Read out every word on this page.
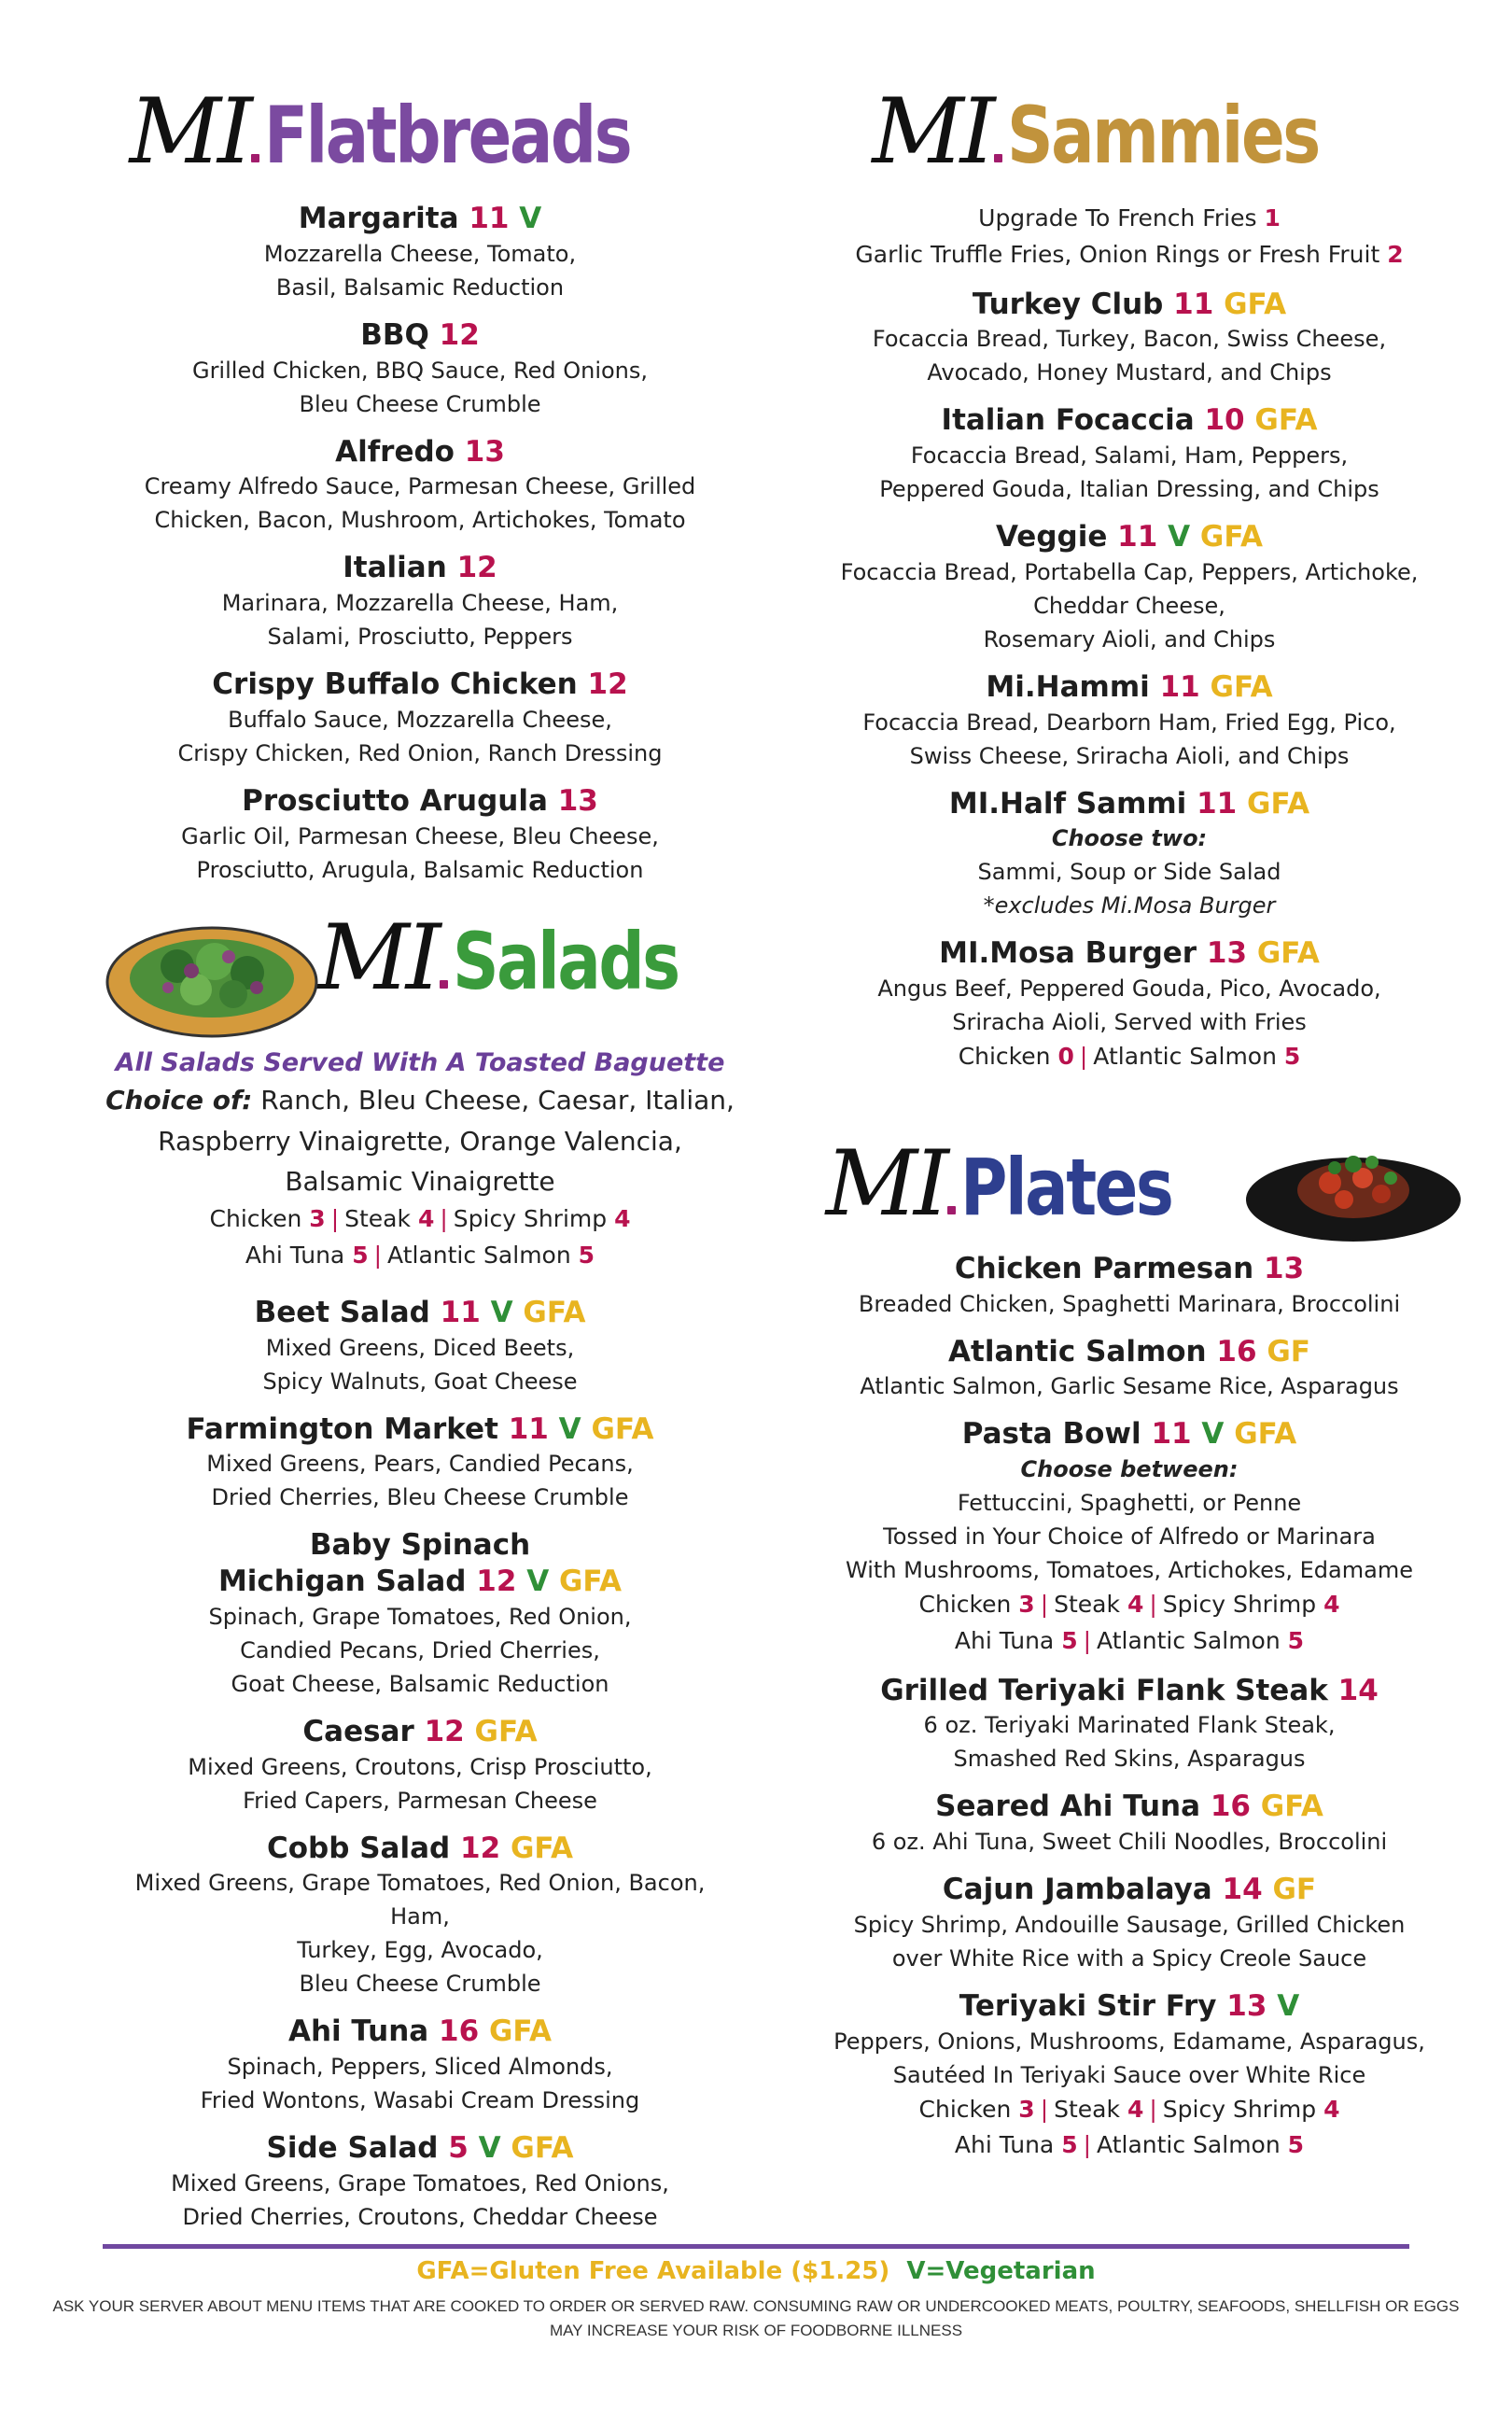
MI Flatbreads
Margarita 11 V
Mozzarella Cheese, Tomato,
Basil, Balsamic Reduction
BBQ 12
Grilled Chicken, BBQ Sauce, Red Onions,
Bleu Cheese Crumble
Alfredo 13
Creamy Alfredo Sauce, Parmesan Cheese, Grilled
Chicken, Bacon, Mushroom, Artichokes, Tomato
Italian 12
Marinara, Mozzarella Cheese, Ham,
Salami, Prosciutto, Peppers
Crispy Buffalo Chicken 12
Buffalo Sauce, Mozzarella Cheese,
Crispy Chicken, Red Onion, Ranch Dressing
Prosciutto Arugula 13
Garlic Oil, Parmesan Cheese, Bleu Cheese,
Prosciutto, Arugula, Balsamic Reduction
MI Salads
All Salads Served With A Toasted Baguette
Choice of: Ranch, Bleu Cheese, Caesar, Italian,
Raspberry Vinaigrette, Orange Valencia,
Balsamic Vinaigrette
Chicken 3 | Steak 4 | Spicy Shrimp 4
Ahi Tuna 5 | Atlantic Salmon 5
Beet Salad 11 V GFA
Mixed Greens, Diced Beets,
Spicy Walnuts, Goat Cheese
Farmington Market 11 V GFA
Mixed Greens, Pears, Candied Pecans,
Dried Cherries, Bleu Cheese Crumble
Baby Spinach
Michigan Salad 12 V GFA
Spinach, Grape Tomatoes, Red Onion,
Candied Pecans, Dried Cherries,
Goat Cheese, Balsamic Reduction
Caesar 12 GFA
Mixed Greens, Croutons, Crisp Prosciutto,
Fried Capers, Parmesan Cheese
Cobb Salad 12 GFA
Mixed Greens, Grape Tomatoes, Red Onion, Bacon, Ham,
Turkey, Egg, Avocado,
Bleu Cheese Crumble
Ahi Tuna 16 GFA
Spinach, Peppers, Sliced Almonds,
Fried Wontons, Wasabi Cream Dressing
Side Salad 5 V GFA
Mixed Greens, Grape Tomatoes, Red Onions,
Dried Cherries, Croutons, Cheddar Cheese
MI Sammies
Upgrade To French Fries 1
Garlic Truffle Fries, Onion Rings or Fresh Fruit 2
Turkey Club 11 GFA
Focaccia Bread, Turkey, Bacon, Swiss Cheese,
Avocado, Honey Mustard, and Chips
Italian Focaccia 10 GFA
Focaccia Bread, Salami, Ham, Peppers,
Peppered Gouda, Italian Dressing, and Chips
Veggie 11 V GFA
Focaccia Bread, Portabella Cap, Peppers, Artichoke,
Cheddar Cheese,
Rosemary Aioli, and Chips
Mi.Hammi 11 GFA
Focaccia Bread, Dearborn Ham, Fried Egg, Pico,
Swiss Cheese, Sriracha Aioli, and Chips
MI.Half Sammi 11 GFA
Choose two:
Sammi, Soup or Side Salad
*excludes Mi.Mosa Burger
MI.Mosa Burger 13 GFA
Angus Beef, Peppered Gouda, Pico, Avocado,
Sriracha Aioli, Served with Fries
Chicken 0 | Atlantic Salmon 5
MI Plates
Chicken Parmesan 13
Breaded Chicken, Spaghetti Marinara, Broccolini
Atlantic Salmon 16 GF
Atlantic Salmon, Garlic Sesame Rice, Asparagus
Pasta Bowl 11 V GFA
Choose between:
Fettuccini, Spaghetti, or Penne
Tossed in Your Choice of Alfredo or Marinara
With Mushrooms, Tomatoes, Artichokes, Edamame
Chicken 3 | Steak 4 | Spicy Shrimp 4
Ahi Tuna 5 | Atlantic Salmon 5
Grilled Teriyaki Flank Steak 14
6 oz. Teriyaki Marinated Flank Steak,
Smashed Red Skins, Asparagus
Seared Ahi Tuna 16 GFA
6 oz. Ahi Tuna, Sweet Chili Noodles, Broccolini
Cajun Jambalaya 14 GF
Spicy Shrimp, Andouille Sausage, Grilled Chicken
over White Rice with a Spicy Creole Sauce
Teriyaki Stir Fry 13 V
Peppers, Onions, Mushrooms, Edamame, Asparagus,
Sautéed In Teriyaki Sauce over White Rice
Chicken 3 | Steak 4 | Spicy Shrimp 4
Ahi Tuna 5 | Atlantic Salmon 5
GFA=Gluten Free Available ($1.25) V=Vegetarian
ASK YOUR SERVER ABOUT MENU ITEMS THAT ARE COOKED TO ORDER OR SERVED RAW. CONSUMING RAW OR UNDERCOOKED MEATS, POULTRY, SEAFOODS, SHELLFISH OR EGGS
MAY INCREASE YOUR RISK OF FOODBORNE ILLNESS
